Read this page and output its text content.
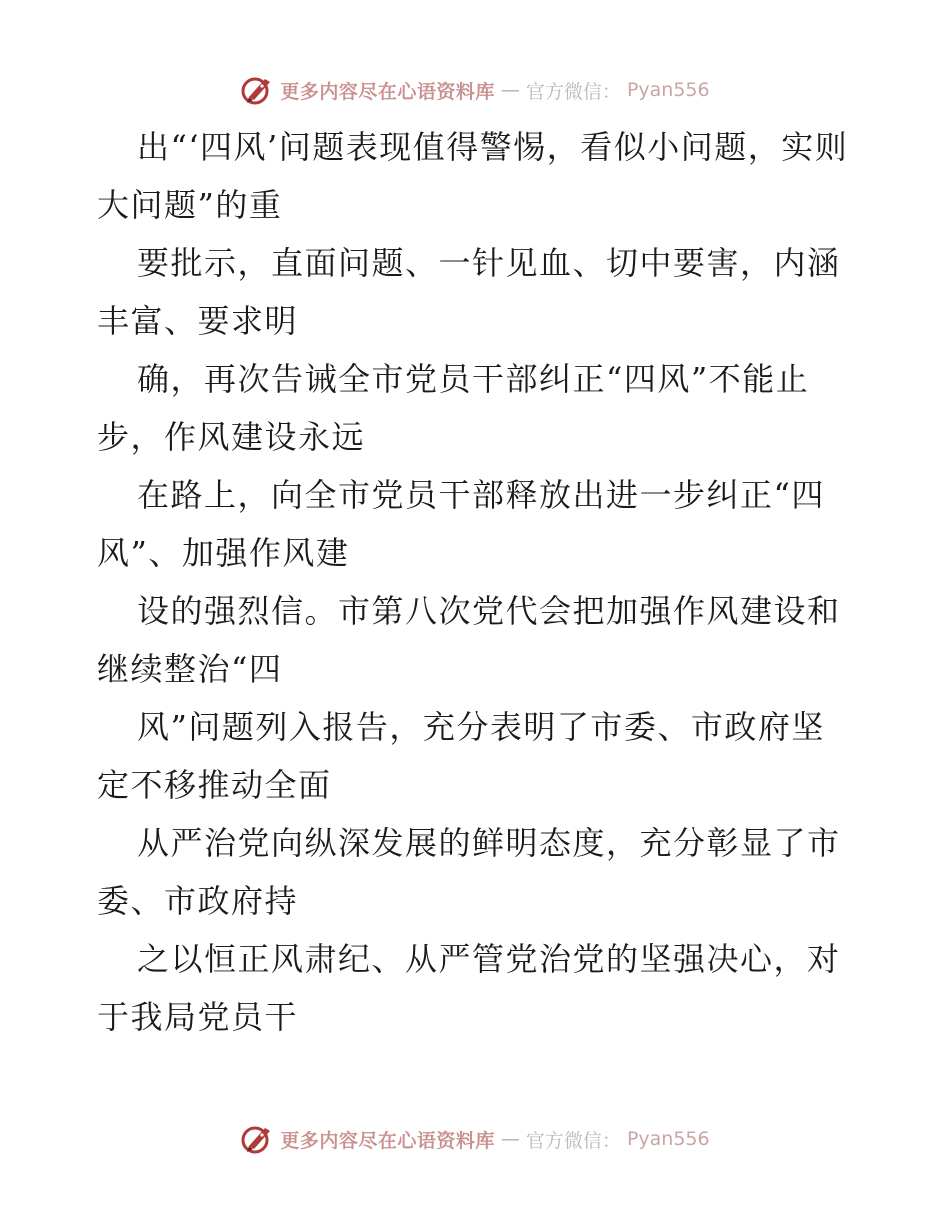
更多内容尽在心语资料库 — 官方微信： Pyan556

出“‘四风’问题表现值得警惕，看似小问题，实则大问题”的重

要批示，直面问题、一针见血、切中要害，内涵丰富、要求明

确，再次告诫全市党员干部纠正“四风”不能止步，作风建设永远

在路上，向全市党员干部释放出进一步纠正“四风”、加强作风建

设的强烈信。市第八次党代会把加强作风建设和继续整治“四

风”问题列入报告，充分表明了市委、市政府坚定不移推动全面

从严治党向纵深发展的鲜明态度，充分彰显了市委、市政府持

之以恒正风肃纪、从严管党治党的坚强决心，对于我局党员干

更多内容尽在心语资料库 — 官方微信： Pyan556
